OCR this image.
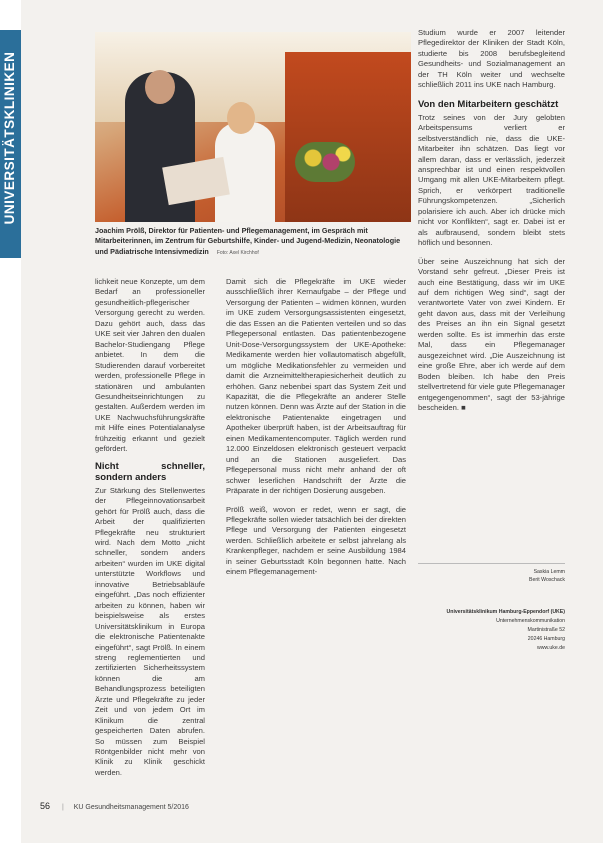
UNIVERSITÄTSKLINIKEN
Joachim Prölß, Direktor für Patienten- und Pflegemanagement, im Gespräch mit Mitarbeiterinnen, im Zentrum für Geburtshilfe, Kinder- und Jugend-Medizin, Neonatologie und Pädiatrische Intensivmedizin Foto: Axel Kirchhof

lichkeit neue Konzepte, um dem Bedarf an professioneller gesundheitlich-pflegerischer Versorgung gerecht zu werden. Dazu gehört auch, dass das UKE seit vier Jahren den dualen Bachelor-Studiengang Pflege anbietet. In dem die Studierenden darauf vorbereitet werden, professionelle Pflege in stationären und ambulanten Gesundheitseinrichtungen zu gestalten. Außerdem werden im UKE Nachwuchsführungskräfte mit Hilfe eines Potentialanalyse frühzeitig erkannt und gezielt gefördert.

Nicht schneller, sondern anders

Zur Stärkung des Stellenwertes der Pflegeinnovationsarbeit gehört für Prölß auch, dass die Arbeit der qualifizierten Pflegekräfte neu strukturiert wird. Nach dem Motto „nicht schneller, sondern anders arbeiten“ wurden im UKE digital unterstützte Workflows und innovative Betriebsabläufe eingeführt. „Das noch effizienter arbeiten zu können, haben wir beispielsweise als erstes Universitätsklinikum in Europa die elektronische Patientenakte eingeführt“, sagt Prölß. In einem streng reglementierten und zertifizierten Sicherheitssystem können die am Behandlungsprozess beteiligten Ärzte und Pflegekräfte zu jeder Zeit und von jedem Ort im Klinikum die zentral gespeicherten Daten abrufen. So müssen zum Beispiel Röntgenbilder nicht mehr von Klinik zu Klinik geschickt werden.

Damit sich die Pflegekräfte im UKE wieder ausschließlich ihrer Kernaufgabe – der Pflege und Versorgung der Patienten – widmen können, wurden im UKE zudem Versorgungsassistenten eingesetzt, die das Essen an die Patienten verteilen und so das Pflegepersonal entlasten. Das patientenbezogene Unit-Dose-Versorgungssystem der UKE-Apotheke: Medikamente werden hier vollautomatisch abgefüllt, um mögliche Medikationsfehler zu vermeiden und damit die Arzneimitteltherapiesicherheit deutlich zu erhöhen. Ganz nebenbei spart das System Zeit und Kapazität, die die Pflegekräfte an anderer Stelle nutzen können. Denn was Ärzte auf der Station in die elektronische Patientenakte eingetragen und Apotheker überprüft haben, ist der Arbeitsauftrag für einen Medikamentencomputer. Täglich werden rund 12.000 Einzeldosen elektronisch gesteuert verpackt und an die Stationen ausgeliefert. Das Pflegepersonal muss nicht mehr anhand der oft schwer leserlichen Handschrift der Ärzte die Präparate in der richtigen Dosierung ausgeben.

Prölß weiß, wovon er redet, wenn er sagt, die Pflegekräfte sollen wieder tatsächlich bei der direkten Pflege und Versorgung der Patienten eingesetzt werden. Schließlich arbeitete er selbst jahrelang als Krankenpfleger, nachdem er seine Ausbildung 1984 in seiner Geburtsstadt Köln begonnen hatte. Nach einem Pflegemanagement-

Studium wurde er 2007 leitender Pflegedirektor der Kliniken der Stadt Köln, studierte bis 2008 berufsbegleitend Gesundheits- und Sozialmanagement an der TH Köln weiter und wechselte schließlich 2011 ins UKE nach Hamburg.

Von den Mitarbeitern geschätzt

Trotz seines von der Jury gelobten Arbeitspensums verliert er selbstverständlich nie, dass die UKE-Mitarbeiter ihn schätzen. Das liegt vor allem daran, dass er verlässlich, jederzeit ansprechbar ist und einen respektvollen Umgang mit allen UKE-Mitarbeitern pflegt. Sprich, er verkörpert traditionelle Führungskompetenzen. „Sicherlich polarisiere ich auch. Aber ich drücke mich nicht vor Konflikten“, sagt er. Dabei ist er als aufbrausend, sondern bleibt stets höflich und besonnen.

Über seine Auszeichnung hat sich der Vorstand sehr gefreut. „Dieser Preis ist auch eine Bestätigung, dass wir im UKE auf dem richtigen Weg sind“, sagt der verantwortete Vater von zwei Kindern. Er geht davon aus, dass mit der Verleihung des Preises an ihn ein Signal gesetzt werden sollte. Es ist immerhin das erste Mal, dass ein Pflegemanager ausgezeichnet wird. „Die Auszeichnung ist eine große Ehre, aber ich werde auf dem Boden bleiben. Ich habe den Preis stellvertretend für viele gute Pflegemanager entgegengenommen“, sagt der 53-jährige bescheiden. ■

Saskia Lemm
Berit Woschack
Universitätsklinikum Hamburg-Eppendorf (UKE)
Unternehmenskommunikation
Martinistraße 52
20246 Hamburg
www.uke.de
56 | KU Gesundheitsmanagement 5/2016
